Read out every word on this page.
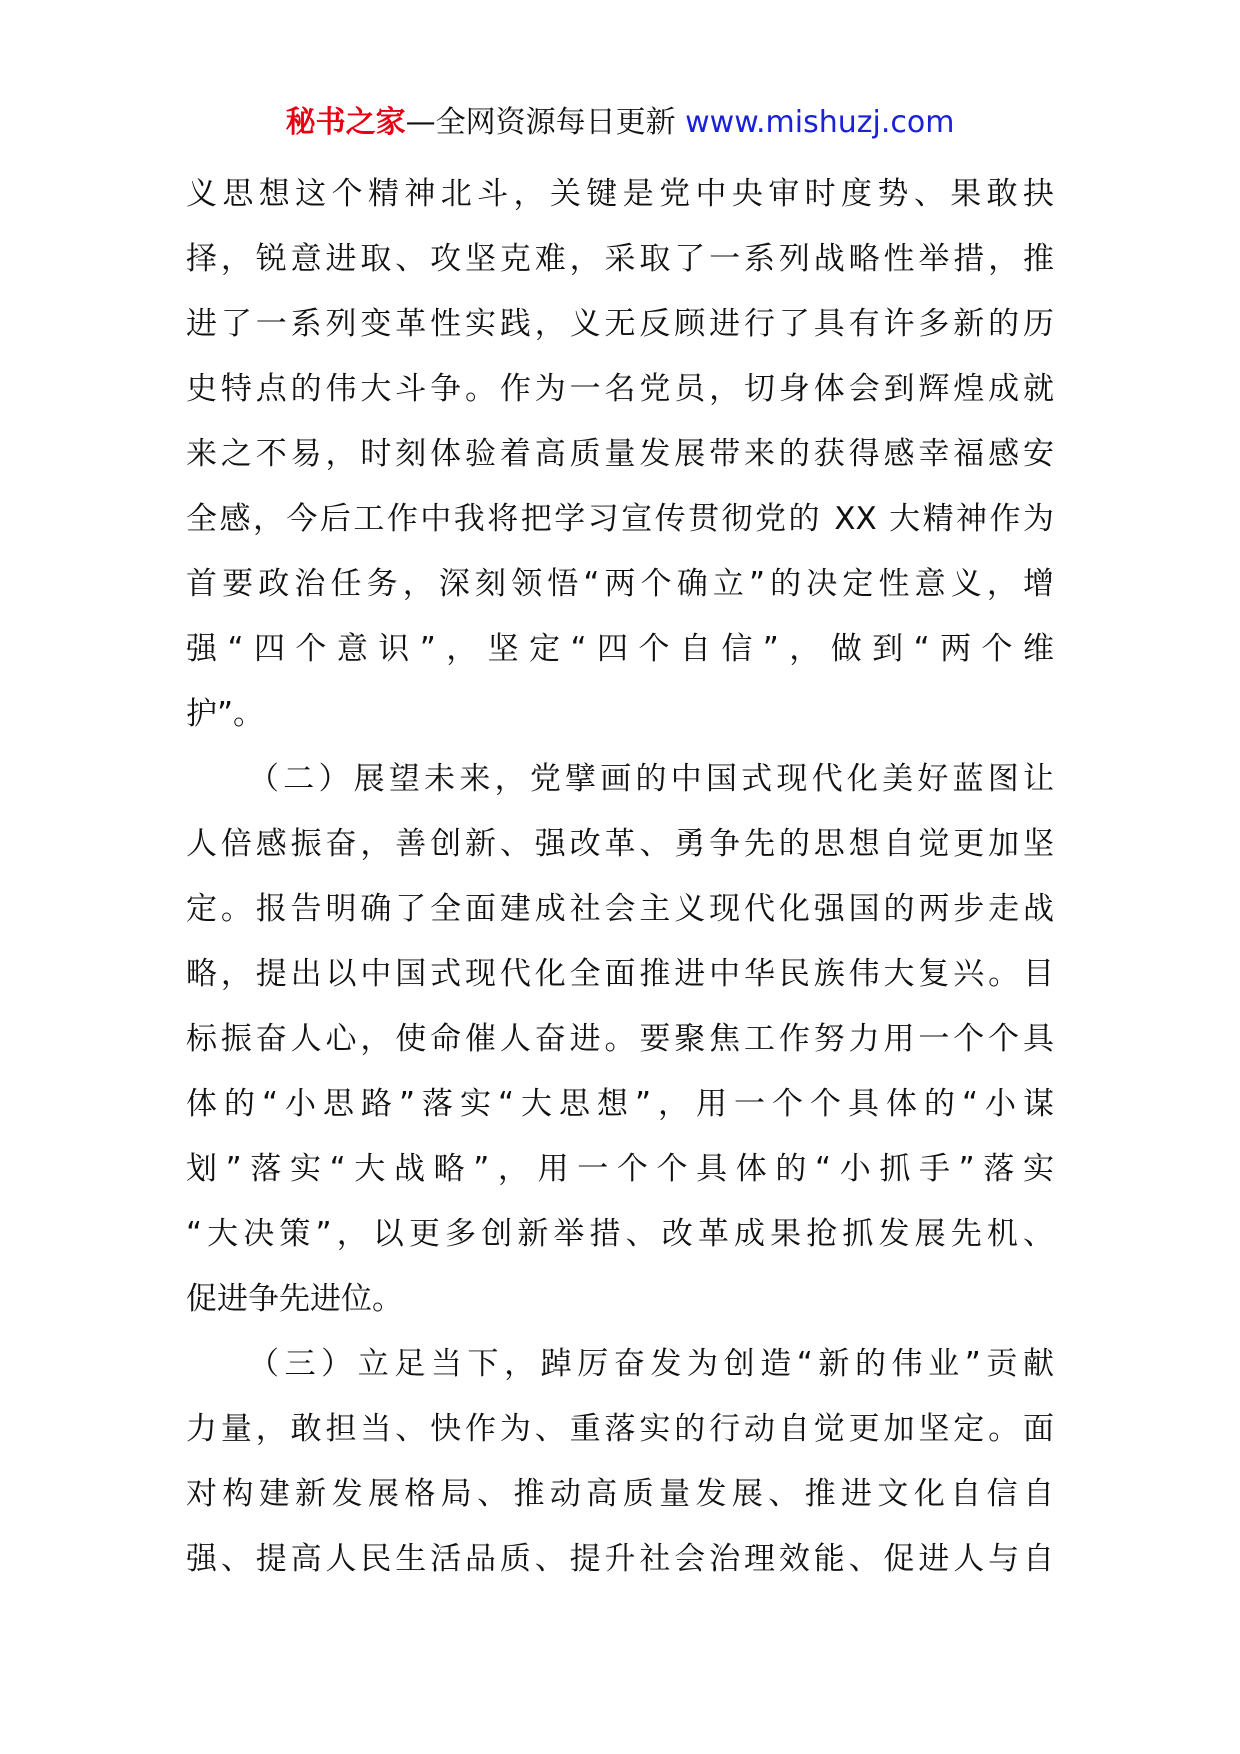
秘书之家—全网资源每日更新 www.mishuzj.com
义思想这个精神北斗，关键是党中央审时度势、果敢抉
择，锐意进取、攻坚克难，采取了一系列战略性举措，推
进了一系列变革性实践，义无反顾进行了具有许多新的历
史特点的伟大斗争。作为一名党员，切身体会到辉煌成就
来之不易，时刻体验着高质量发展带来的获得感幸福感安
全感，今后工作中我将把学习宣传贯彻党的 XX 大精神作为
首要政治任务，深刻领悟“两个确立”的决定性意义，增
强“四个意识”，坚定“四个自信”，做到“两个维
护”。
（二）展望未来，党擘画的中国式现代化美好蓝图让
人倍感振奋，善创新、强改革、勇争先的思想自觉更加坚
定。报告明确了全面建成社会主义现代化强国的两步走战
略，提出以中国式现代化全面推进中华民族伟大复兴。目
标振奋人心，使命催人奋进。要聚焦工作努力用一个个具
体的“小思路”落实“大思想”，用一个个具体的“小谋
划”落实“大战略”，用一个个具体的“小抓手”落实
“大决策”，以更多创新举措、改革成果抢抓发展先机、
促进争先进位。
（三）立足当下，踔厉奋发为创造“新的伟业”贡献
力量，敢担当、快作为、重落实的行动自觉更加坚定。面
对构建新发展格局、推动高质量发展、推进文化自信自
强、提高人民生活品质、提升社会治理效能、促进人与自
